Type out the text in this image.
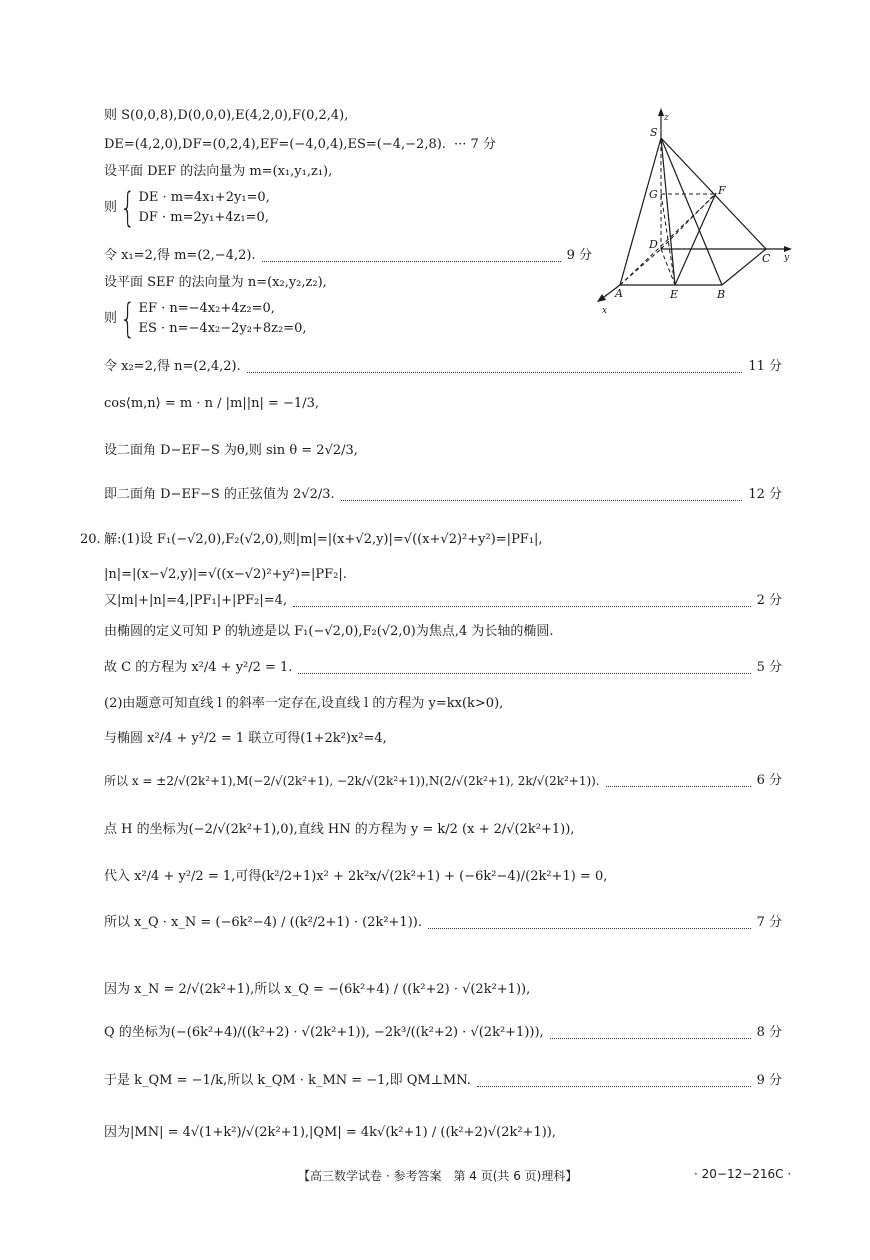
则 S(0,0,8),D(0,0,0),E(4,2,0),F(0,2,4),
DE=(4,2,0),DF=(0,2,4),EF=(−4,0,4),ES=(−4,−2,8). ··· 7 分
设平面 DEF 的法向量为 m=(x₁,y₁,z₁),
则 { DE · m=4x₁+2y₁=0,
DF · m=2y₁+4z₁=0,
令 x₁=2,得 m=(2,−4,2).	9 分
设平面 SEF 的法向量为 n=(x₂,y₂,z₂),
则 { EF · n=−4x₂+4z₂=0,
ES · n=−4x₂−2y₂+8z₂=0,
令 x₂=2,得 n=(2,4,2).	11 分
cos⟨m,n⟩ = m · n / |m||n| = −1/3,
设二面角 D−EF−S 为θ,则 sin θ = 2√2/3,
即二面角 D−EF−S 的正弦值为 2√2/3.	12 分
S
z
G	F
D
C y
A	E	B
x
20. 解:(1)设 F₁(−√2,0),F₂(√2,0),则|m|=|(x+√2,y)|=√((x+√2)²+y²)=|PF₁|,
|n|=|(x−√2,y)|=√((x−√2)²+y²)=|PF₂|.
又|m|+|n|=4,|PF₁|+|PF₂|=4,	2 分
由椭圆的定义可知 P 的轨迹是以 F₁(−√2,0),F₂(√2,0)为焦点,4 为长轴的椭圆.
故 C 的方程为 x²/4 + y²/2 = 1.	5 分
(2)由题意可知直线 l 的斜率一定存在,设直线 l 的方程为 y=kx(k>0),
与椭圆 x²/4 + y²/2 = 1 联立可得(1+2k²)x²=4,
所以 x = ±2/√(2k²+1),M(−2/√(2k²+1), −2k/√(2k²+1)),N(2/√(2k²+1), 2k/√(2k²+1)).	6 分
点 H 的坐标为(−2/√(2k²+1),0),直线 HN 的方程为 y = k/2 (x + 2/√(2k²+1)),
代入 x²/4 + y²/2 = 1,可得(k²/2+1)x² + 2k²x/√(2k²+1) + (−6k²−4)/(2k²+1) = 0,
所以 x_Q · x_N = (−6k²−4) / ((k²/2+1) · (2k²+1)).	7 分
因为 x_N = 2/√(2k²+1),所以 x_Q = −(6k²+4) / ((k²+2) · √(2k²+1)),
Q 的坐标为(−(6k²+4)/((k²+2) · √(2k²+1)), −2k³/((k²+2) · √(2k²+1))),	8 分
于是 k_QM = −1/k,所以 k_QM · k_MN = −1,即 QM⊥MN.	9 分
因为|MN| = 4√(1+k²)/√(2k²+1),|QM| = 4k√(k²+1) / ((k²+2)√(2k²+1)),
【高三数学试卷 · 参考答案　第 4 页(共 6 页)理科】	· 20−12−216C ·
